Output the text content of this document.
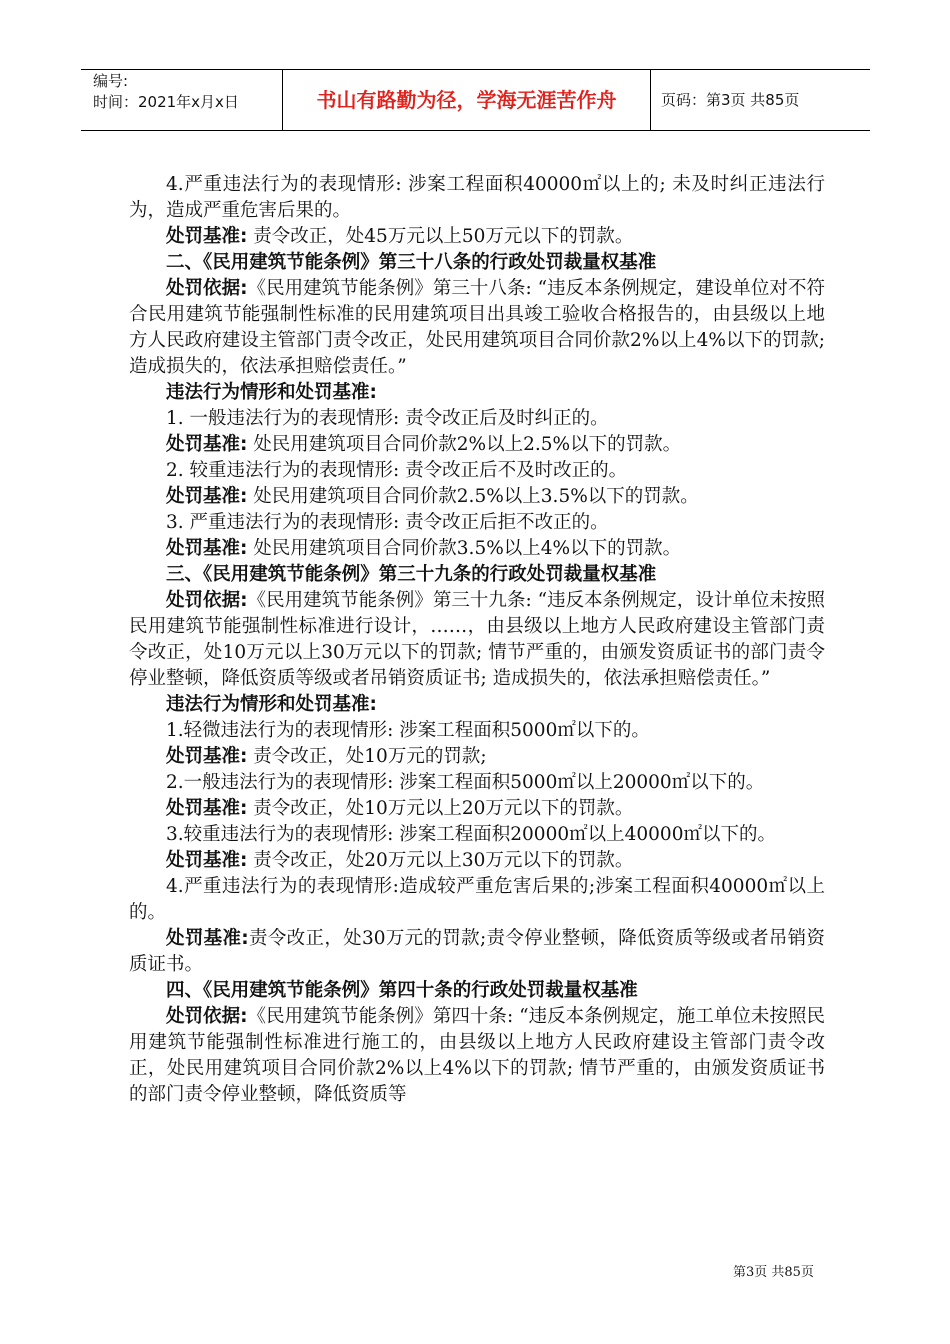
编号:
时间：2021年x月x日	书山有路勤为径，学海无涯苦作舟	页码：第3页 共85页

4.严重违法行为的表现情形: 涉案工程面积40000㎡以上的; 未及时纠正违法行为，造成严重危害后果的。

处罚基准: 责令改正，处45万元以上50万元以下的罚款。

二、《民用建筑节能条例》第三十八条的行政处罚裁量权基准

处罚依据:《民用建筑节能条例》第三十八条: “违反本条例规定，建设单位对不符合民用建筑节能强制性标准的民用建筑项目出具竣工验收合格报告的，由县级以上地方人民政府建设主管部门责令改正，处民用建筑项目合同价款2%以上4%以下的罚款; 造成损失的，依法承担赔偿责任。”

违法行为情形和处罚基准:

1. 一般违法行为的表现情形: 责令改正后及时纠正的。

处罚基准: 处民用建筑项目合同价款2%以上2.5%以下的罚款。

2. 较重违法行为的表现情形: 责令改正后不及时改正的。

处罚基准: 处民用建筑项目合同价款2.5%以上3.5%以下的罚款。

3. 严重违法行为的表现情形: 责令改正后拒不改正的。

处罚基准: 处民用建筑项目合同价款3.5%以上4%以下的罚款。

三、《民用建筑节能条例》第三十九条的行政处罚裁量权基准

处罚依据:《民用建筑节能条例》第三十九条: “违反本条例规定，设计单位未按照民用建筑节能强制性标准进行设计，……，由县级以上地方人民政府建设主管部门责令改正，处10万元以上30万元以下的罚款; 情节严重的，由颁发资质证书的部门责令停业整顿，降低资质等级或者吊销资质证书; 造成损失的，依法承担赔偿责任。”

违法行为情形和处罚基准:

1.轻微违法行为的表现情形: 涉案工程面积5000㎡以下的。

处罚基准: 责令改正，处10万元的罚款;

2.一般违法行为的表现情形: 涉案工程面积5000㎡以上20000㎡以下的。

处罚基准: 责令改正，处10万元以上20万元以下的罚款。

3.较重违法行为的表现情形: 涉案工程面积20000㎡以上40000㎡以下的。

处罚基准: 责令改正，处20万元以上30万元以下的罚款。

4.严重违法行为的表现情形:造成较严重危害后果的;涉案工程面积40000㎡以上的。

处罚基准:责令改正，处30万元的罚款;责令停业整顿，降低资质等级或者吊销资质证书。

四、《民用建筑节能条例》第四十条的行政处罚裁量权基准

处罚依据:《民用建筑节能条例》第四十条: “违反本条例规定，施工单位未按照民用建筑节能强制性标准进行施工的，由县级以上地方人民政府建设主管部门责令改正，处民用建筑项目合同价款2%以上4%以下的罚款; 情节严重的，由颁发资质证书的部门责令停业整顿，降低资质等

第3页 共85页
